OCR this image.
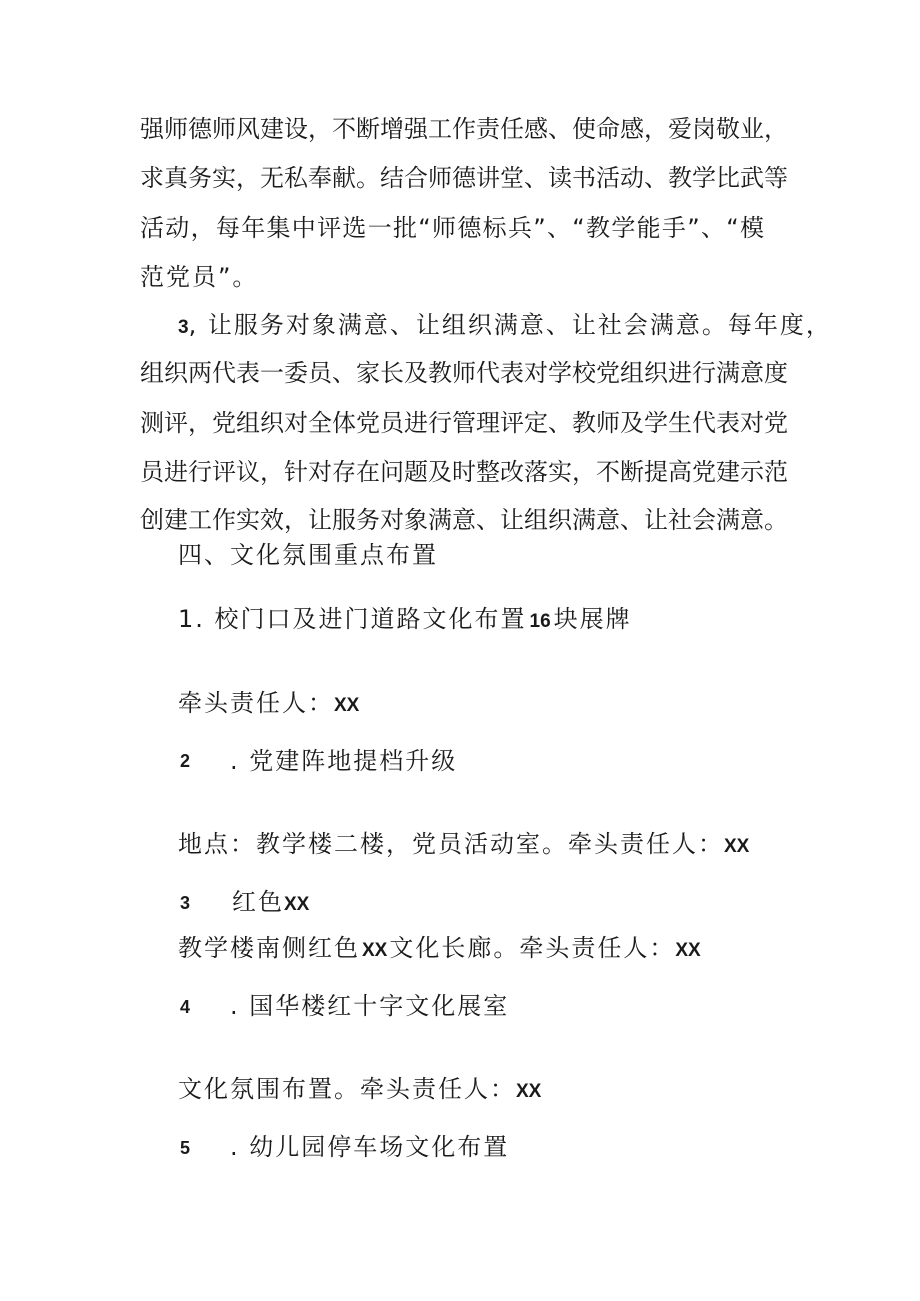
强师德师风建设，不断增强工作责任感、使命感，爱岗敬业，
求真务实，无私奉献。结合师德讲堂、读书活动、教学比武等
活动，每年集中评选一批“师德标兵”、“教学能手”、“模
范党员”。
3, 让服务对象满意、让组织满意、让社会满意。每年度，
组织两代表一委员、家长及教师代表对学校党组织进行满意度
测评，党组织对全体党员进行管理评定、教师及学生代表对党
员进行评议，针对存在问题及时整改落实，不断提高党建示范
创建工作实效，让服务对象满意、让组织满意、让社会满意。
四、文化氛围重点布置
1. 校门口及进门道路文化布置 16 块展牌
牵头责任人：XX
2 . 党建阵地提档升级
地点：教学楼二楼，党员活动室。牵头责任人：XX
3 红色XX
教学楼南侧红色 XX文化长廊。牵头责任人：XX
4 . 国华楼红十字文化展室
文化氛围布置。牵头责任人：XX
5 . 幼儿园停车场文化布置
